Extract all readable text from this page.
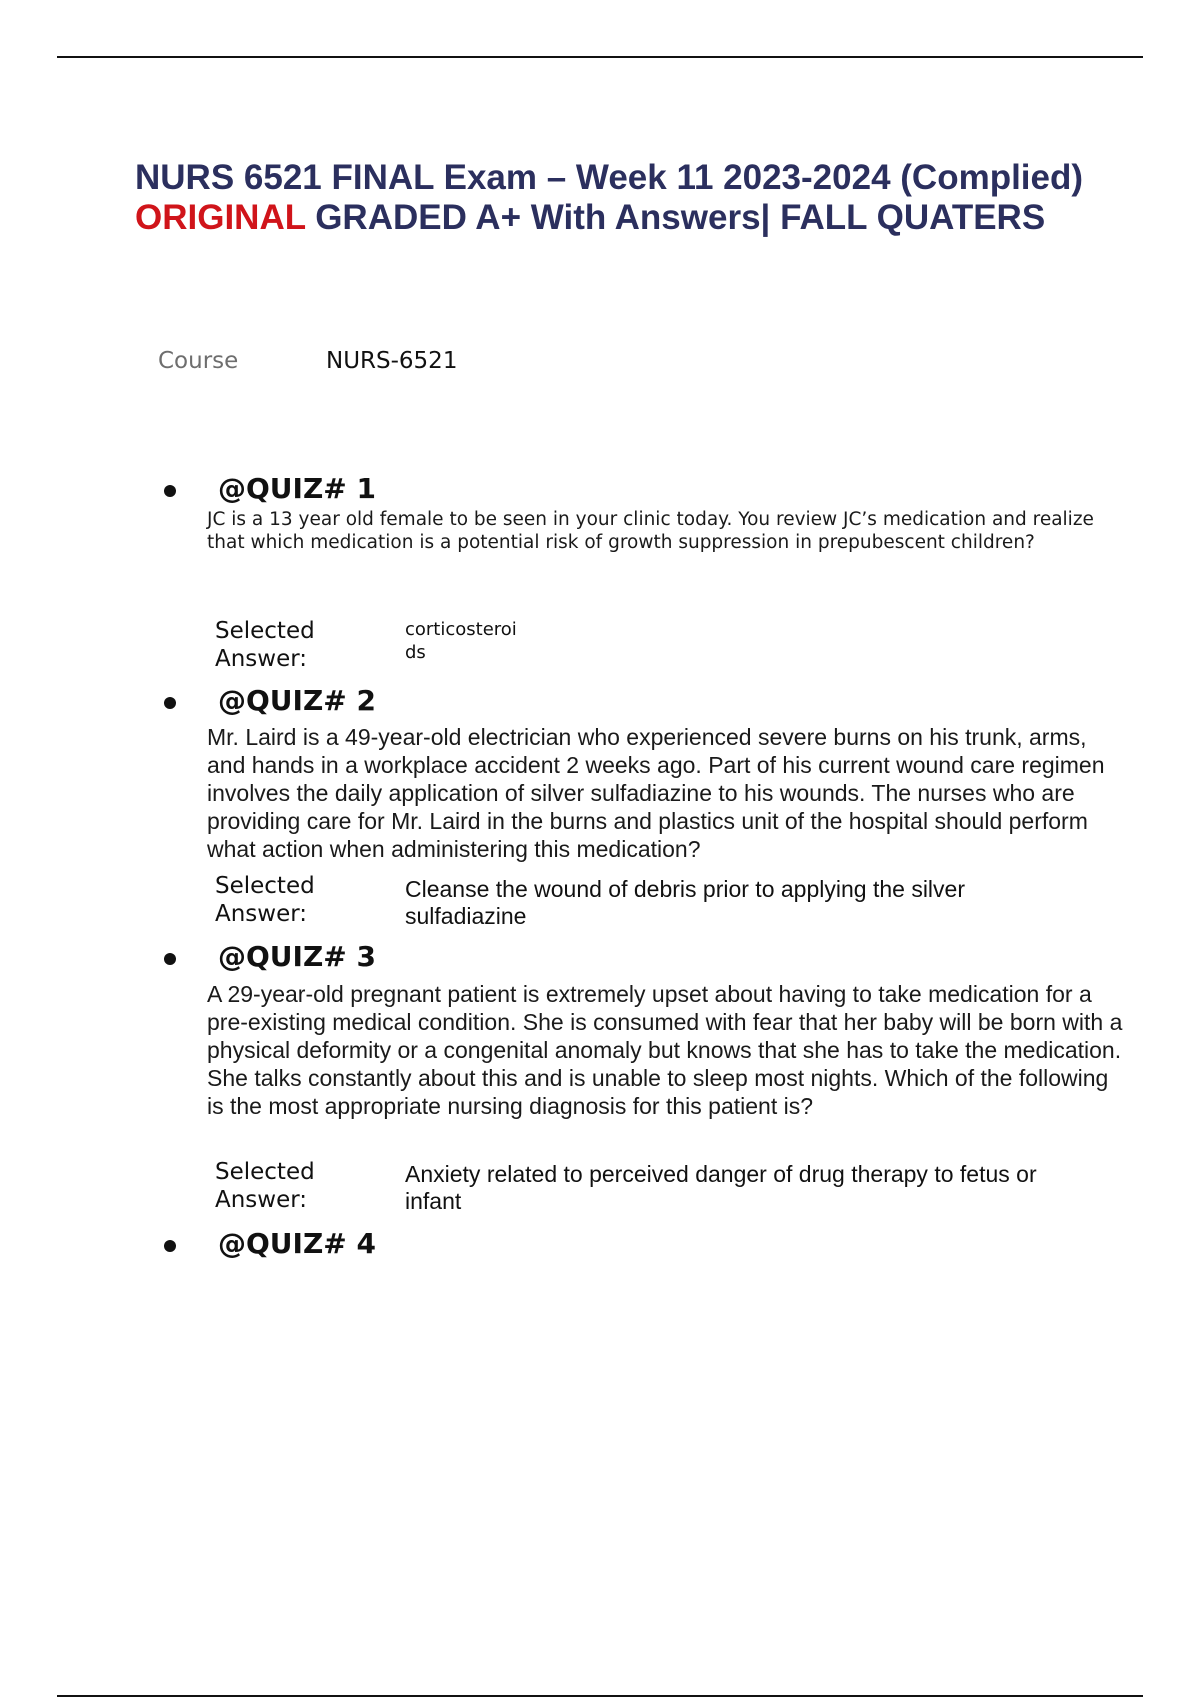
NURS 6521 FINAL Exam – Week 11 2023-2024 (Complied)
ORIGINAL GRADED A+ With Answers| FALL QUATERS
Course	NURS-6521
@QUIZ# 1

JC is a 13 year old female to be seen in your clinic today. You review JC’s medication and realize that which medication is a potential risk of growth suppression in prepubescent children?

Selected
Answer:
corticosteroi
ds
@QUIZ# 2

Mr. Laird is a 49-year-old electrician who experienced severe burns on his trunk, arms, and hands in a workplace accident 2 weeks ago. Part of his current wound care regimen involves the daily application of silver sulfadiazine to his wounds. The nurses who are providing care for Mr. Laird in the burns and plastics unit of the hospital should perform what action when administering this medication?

Selected
Answer:
Cleanse the wound of debris prior to applying the silver
sulfadiazine
@QUIZ# 3

A 29-year-old pregnant patient is extremely upset about having to take medication for a pre-existing medical condition. She is consumed with fear that her baby will be born with a physical deformity or a congenital anomaly but knows that she has to take the medication. She talks constantly about this and is unable to sleep most nights. Which of the following is the most appropriate nursing diagnosis for this patient is?

Selected
Answer:
Anxiety related to perceived danger of drug therapy to fetus or
infant
@QUIZ# 4
